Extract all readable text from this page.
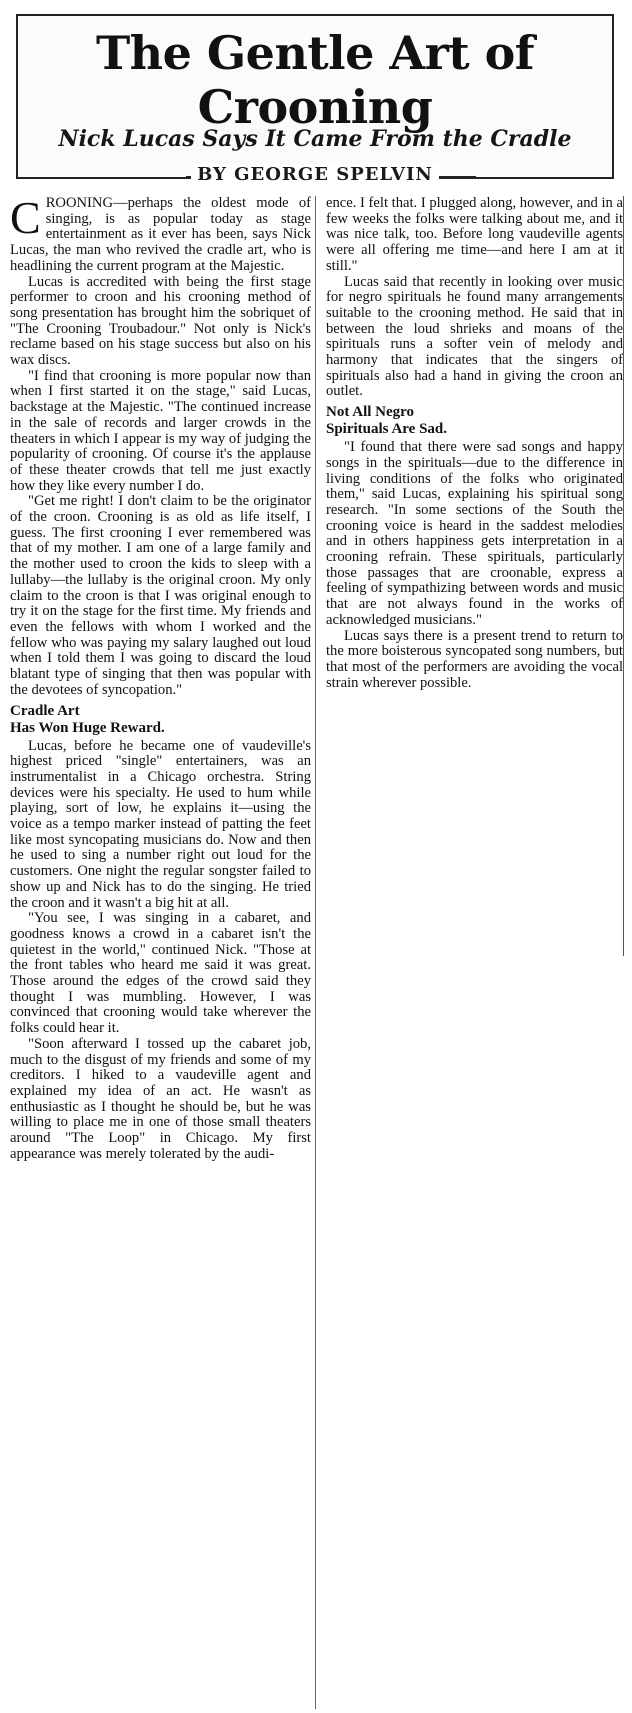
The Gentle Art of Crooning
Nick Lucas Says It Came From the Cradle
BY GEORGE SPELVIN

CROONING—perhaps the oldest mode of singing, is as popular today as stage entertainment as it ever has been, says Nick Lucas, the man who revived the cradle art, who is headlining the current program at the Majestic.

Lucas is accredited with being the first stage performer to croon and his crooning method of song presentation has brought him the sobriquet of "The Crooning Troubadour." Not only is Nick's reclame based on his stage success but also on his wax discs.

"I find that crooning is more popular now than when I first started it on the stage," said Lucas, backstage at the Majestic. "The continued increase in the sale of records and larger crowds in the theaters in which I appear is my way of judging the popularity of crooning. Of course it's the applause of these theater crowds that tell me just exactly how they like every number I do.

"Get me right! I don't claim to be the originator of the croon. Crooning is as old as life itself, I guess. The first crooning I ever remembered was that of my mother. I am one of a large family and the mother used to croon the kids to sleep with a lullaby—the lullaby is the original croon. My only claim to the croon is that I was original enough to try it on the stage for the first time. My friends and even the fellows with whom I worked and the fellow who was paying my salary laughed out loud when I told them I was going to discard the loud blatant type of singing that then was popular with the devotees of syncopation."

Cradle Art
Has Won Huge Reward.

Lucas, before he became one of vaudeville's highest priced "single" entertainers, was an instrumentalist in a Chicago orchestra. String devices were his specialty. He used to hum while playing, sort of low, he explains it—using the voice as a tempo marker instead of patting the feet like most syncopating musicians do. Now and then he used to sing a number right out loud for the customers. One night the regular songster failed to show up and Nick has to do the singing. He tried the croon and it wasn't a big hit at all.

"You see, I was singing in a cabaret, and goodness knows a crowd in a cabaret isn't the quietest in the world," continued Nick. "Those at the front tables who heard me said it was great. Those around the edges of the crowd said they thought I was mumbling. However, I was convinced that crooning would take wherever the folks could hear it.

"Soon afterward I tossed up the cabaret job, much to the disgust of my friends and some of my creditors. I hiked to a vaudeville agent and explained my idea of an act. He wasn't as enthusiastic as I thought he should be, but he was willing to place me in one of those small theaters around "The Loop" in Chicago. My first appearance was merely tolerated by the audi-

ence. I felt that. I plugged along, however, and in a few weeks the folks were talking about me, and it was nice talk, too. Before long vaudeville agents were all offering me time—and here I am at it still."

Lucas said that recently in looking over music for negro spirituals he found many arrangements suitable to the crooning method. He said that in between the loud shrieks and moans of the spirituals runs a softer vein of melody and harmony that indicates that the singers of spirituals also had a hand in giving the croon an outlet.

Not All Negro
Spirituals Are Sad.

"I found that there were sad songs and happy songs in the spirituals—due to the difference in living conditions of the folks who originated them," said Lucas, explaining his spiritual song research. "In some sections of the South the crooning voice is heard in the saddest melodies and in others happiness gets interpretation in a crooning refrain. These spirituals, particularly those passages that are croonable, express a feeling of sympathizing between words and music that are not always found in the works of acknowledged musicians."

Lucas says there is a present trend to return to the more boisterous syncopated song numbers, but that most of the performers are avoiding the vocal strain wherever possible.
